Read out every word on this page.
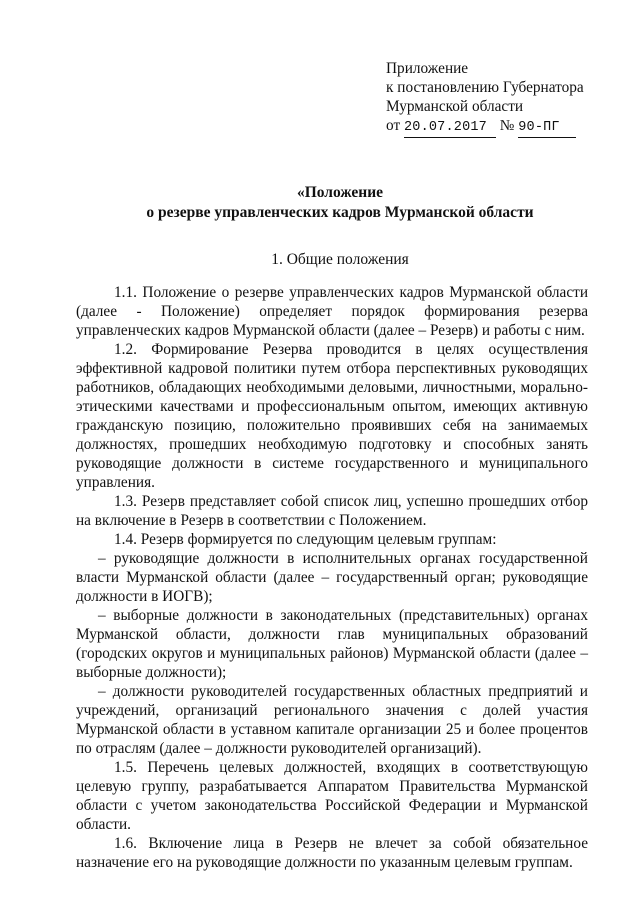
Приложение
к постановлению Губернатора
Мурманской области
от 20.07.2017 № 90-ПГ
«Положение
о резерве управленческих кадров Мурманской области
1. Общие положения

1.1. Положение о резерве управленческих кадров Мурманской области (далее - Положение) определяет порядок формирования резерва управленческих кадров Мурманской области (далее – Резерв) и работы с ним.

1.2. Формирование Резерва проводится в целях осуществления эффективной кадровой политики путем отбора перспективных руководящих работников, обладающих необходимыми деловыми, личностными, морально-этическими качествами и профессиональным опытом, имеющих активную гражданскую позицию, положительно проявивших себя на занимаемых должностях, прошедших необходимую подготовку и способных занять руководящие должности в системе государственного и муниципального управления.

1.3. Резерв представляет собой список лиц, успешно прошедших отбор на включение в Резерв в соответствии с Положением.

1.4. Резерв формируется по следующим целевым группам:

– руководящие должности в исполнительных органах государственной власти Мурманской области (далее – государственный орган; руководящие должности в ИОГВ);

– выборные должности в законодательных (представительных) органах Мурманской области, должности глав муниципальных образований (городских округов и муниципальных районов) Мурманской области (далее – выборные должности);

– должности руководителей государственных областных предприятий и учреждений, организаций регионального значения с долей участия Мурманской области в уставном капитале организации 25 и более процентов по отраслям (далее – должности руководителей организаций).

1.5. Перечень целевых должностей, входящих в соответствующую целевую группу, разрабатывается Аппаратом Правительства Мурманской области с учетом законодательства Российской Федерации и Мурманской области.

1.6. Включение лица в Резерв не влечет за собой обязательное назначение его на руководящие должности по указанным целевым группам.
